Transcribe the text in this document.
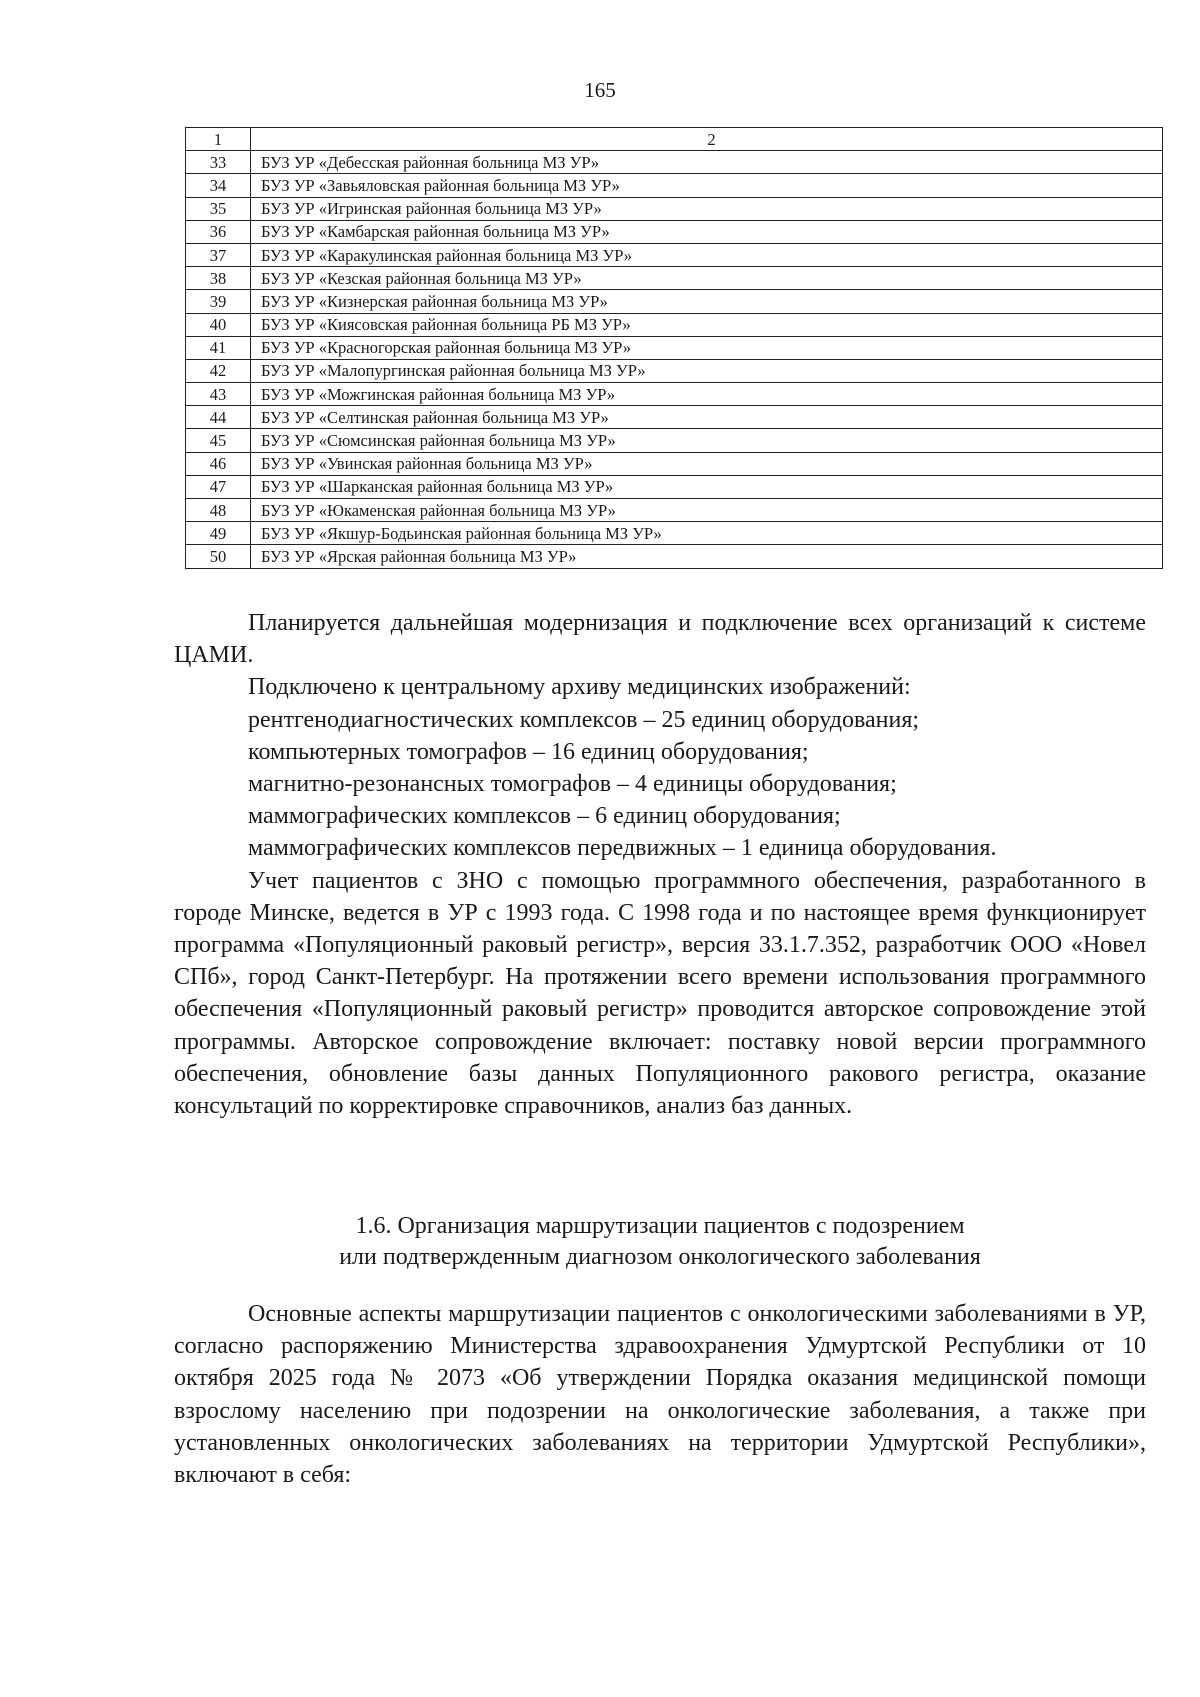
165
1	2
33	БУЗ УР «Дебесская районная больница МЗ УР»
34	БУЗ УР «Завьяловская районная больница МЗ УР»
35	БУЗ УР «Игринская районная больница МЗ УР»
36	БУЗ УР «Камбарская районная больница МЗ УР»
37	БУЗ УР «Каракулинская районная больница МЗ УР»
38	БУЗ УР «Кезская районная больница МЗ УР»
39	БУЗ УР «Кизнерская районная больница МЗ УР»
40	БУЗ УР «Киясовская районная больница РБ МЗ УР»
41	БУЗ УР «Красногорская районная больница МЗ УР»
42	БУЗ УР «Малопургинская районная больница МЗ УР»
43	БУЗ УР «Можгинская районная больница МЗ УР»
44	БУЗ УР «Селтинская районная больница МЗ УР»
45	БУЗ УР «Сюмсинская районная больница МЗ УР»
46	БУЗ УР «Увинская районная больница МЗ УР»
47	БУЗ УР «Шарканская районная больница МЗ УР»
48	БУЗ УР «Юкаменская районная больница МЗ УР»
49	БУЗ УР «Якшур-Бодьинская районная больница МЗ УР»
50	БУЗ УР «Ярская районная больница МЗ УР»

Планируется дальнейшая модернизация и подключение всех организаций к системе ЦАМИ.

Подключено к центральному архиву медицинских изображений:

рентгенодиагностических комплексов – 25 единиц оборудования;

компьютерных томографов – 16 единиц оборудования;

магнитно-резонансных томографов – 4 единицы оборудования;

маммографических комплексов – 6 единиц оборудования;

маммографических комплексов передвижных – 1 единица оборудования.

Учет пациентов с ЗНО с помощью программного обеспечения, разработанного в городе Минске, ведется в УР с 1993 года. С 1998 года и по настоящее время функционирует программа «Популяционный раковый регистр», версия 33.1.7.352, разработчик ООО «Новел СПб», город Санкт-Петербург. На протяжении всего времени использования программного обеспечения «Популяционный раковый регистр» проводится авторское сопровождение этой программы. Авторское сопровождение включает: поставку новой версии программного обеспечения, обновление базы данных Популяционного ракового регистра, оказание консультаций по корректировке справочников, анализ баз данных.

1.6. Организация маршрутизации пациентов с подозрением

или подтвержденным диагнозом онкологического заболевания

Основные аспекты маршрутизации пациентов с онкологическими заболеваниями в УР, согласно распоряжению Министерства здравоохранения Удмуртской Республики от 10 октября 2025 года № 2073 «Об утверждении Порядка оказания медицинской помощи взрослому населению при подозрении на онкологические заболевания, а также при установленных онкологических заболеваниях на территории Удмуртской Республики», включают в себя:
